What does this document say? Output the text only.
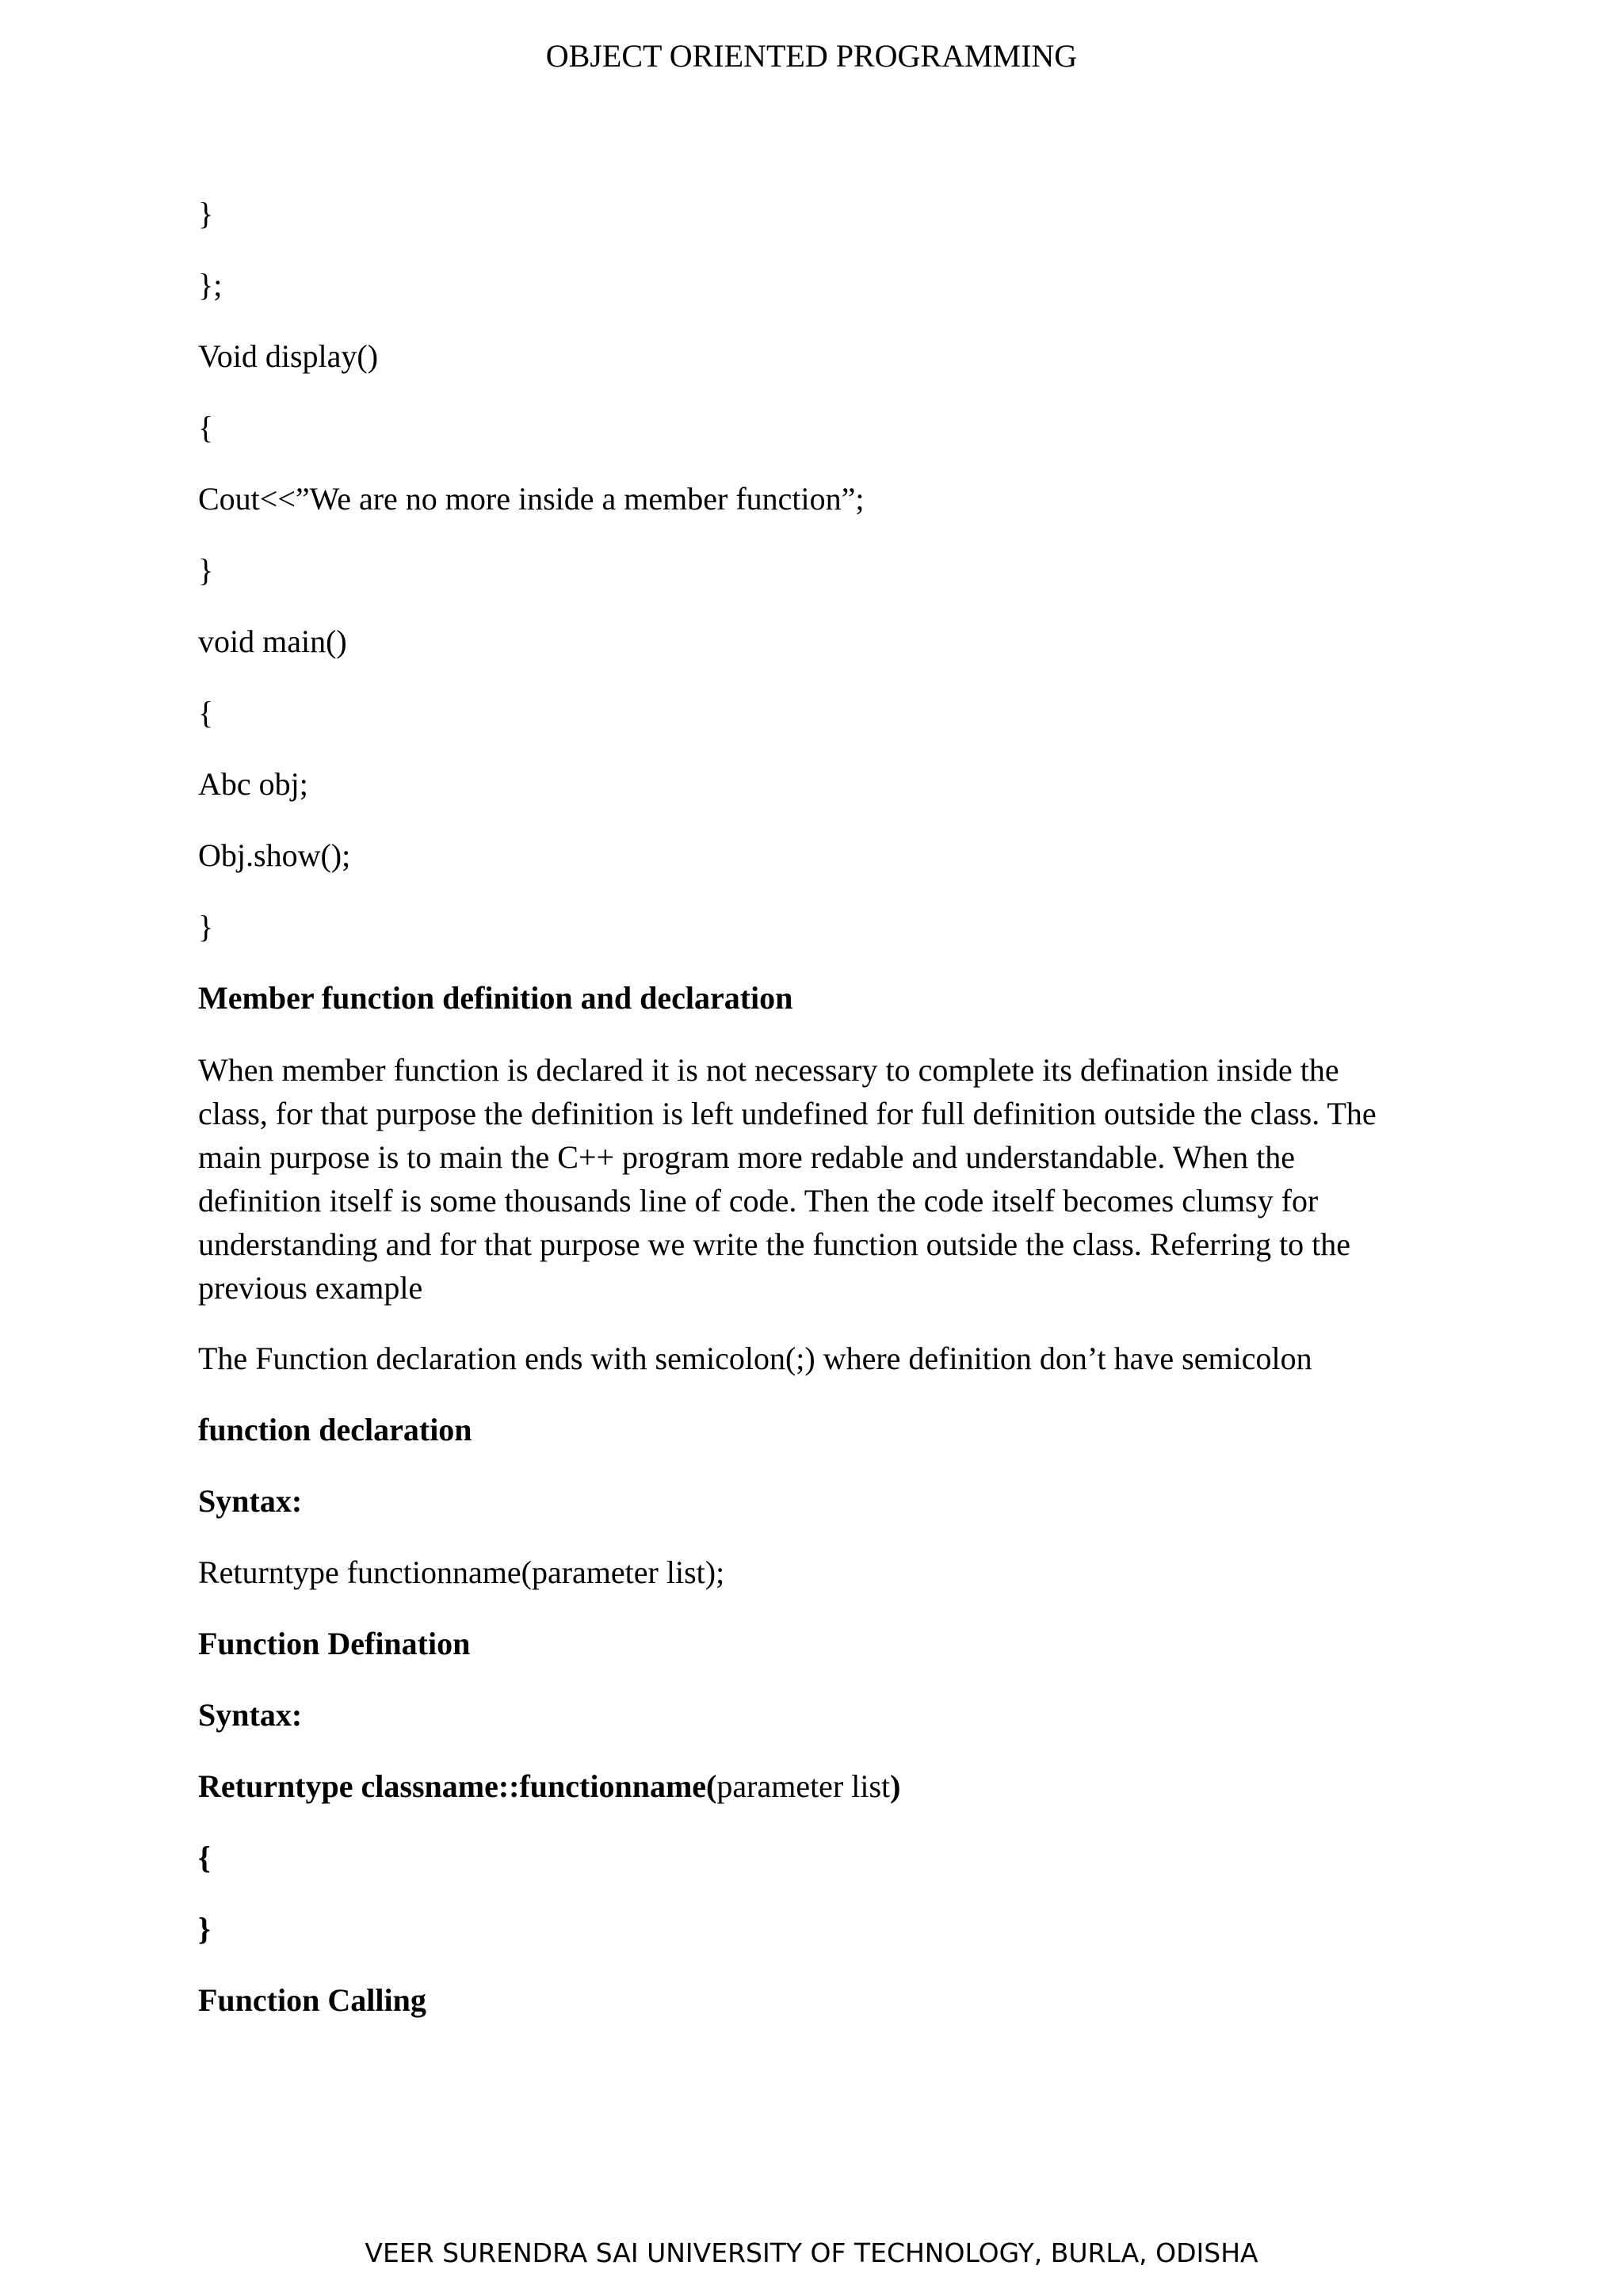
OBJECT ORIENTED PROGRAMMING
}
};
Void display()
{
Cout<<”We are no more inside a member function”;
}
void main()
{
Abc obj;
Obj.show();
}
Member function definition and declaration

When member function is declared it is not necessary to complete its defination inside the

class, for that purpose the definition is left undefined for full definition outside the class. The

main purpose is to main the C++ program more redable and understandable. When the

definition itself is some thousands line of code. Then the code itself becomes clumsy for

understanding and for that purpose we write the function outside the class. Referring to the

previous example

The Function declaration ends with semicolon(;) where definition don’t have semicolon
function declaration
Syntax:
Returntype functionname(parameter list);
Function Defination
Syntax:
Returntype classname::functionname(parameter list)
{
}
Function Calling
VEER SURENDRA SAI UNIVERSITY OF TECHNOLOGY, BURLA, ODISHA
